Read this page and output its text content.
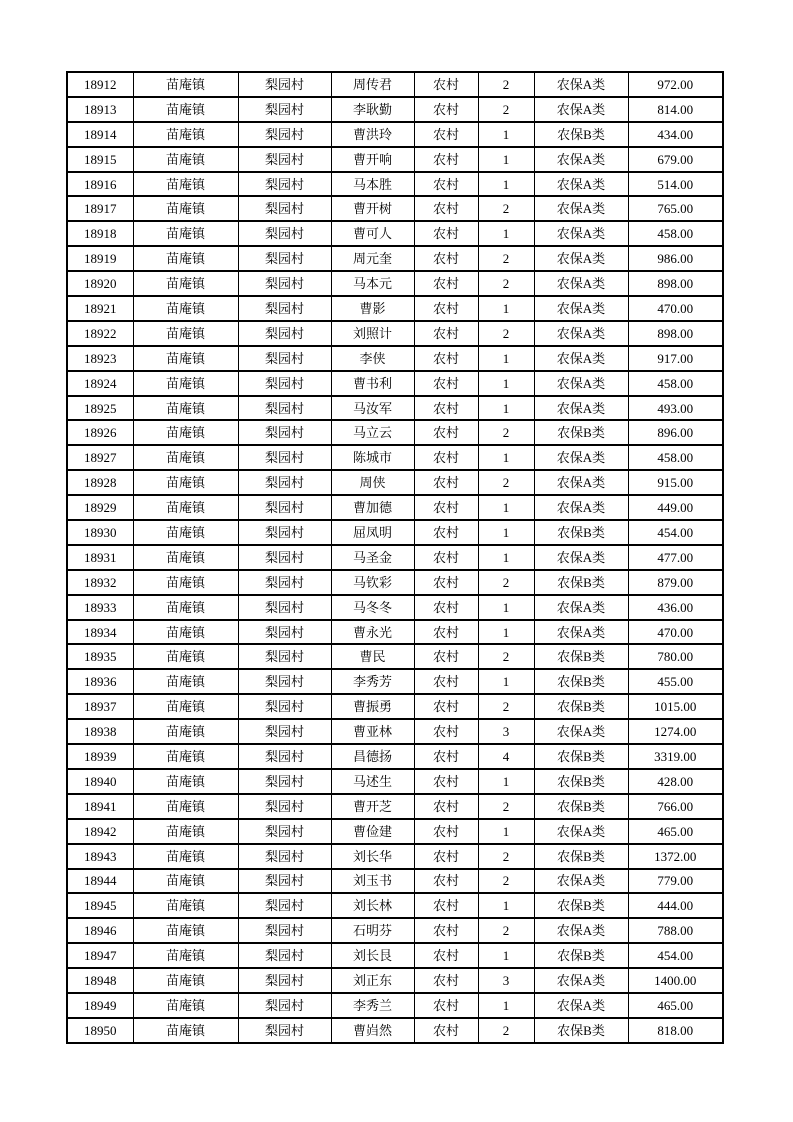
18912	苗庵镇	梨园村	周传君	农村	2	农保A类	972.00
18913	苗庵镇	梨园村	李耿勤	农村	2	农保A类	814.00
18914	苗庵镇	梨园村	曹洪玲	农村	1	农保B类	434.00
18915	苗庵镇	梨园村	曹开响	农村	1	农保A类	679.00
18916	苗庵镇	梨园村	马本胜	农村	1	农保A类	514.00
18917	苗庵镇	梨园村	曹开树	农村	2	农保A类	765.00
18918	苗庵镇	梨园村	曹可人	农村	1	农保A类	458.00
18919	苗庵镇	梨园村	周元奎	农村	2	农保A类	986.00
18920	苗庵镇	梨园村	马本元	农村	2	农保A类	898.00
18921	苗庵镇	梨园村	曹影	农村	1	农保A类	470.00
18922	苗庵镇	梨园村	刘照计	农村	2	农保A类	898.00
18923	苗庵镇	梨园村	李侠	农村	1	农保A类	917.00
18924	苗庵镇	梨园村	曹书利	农村	1	农保A类	458.00
18925	苗庵镇	梨园村	马汝军	农村	1	农保A类	493.00
18926	苗庵镇	梨园村	马立云	农村	2	农保B类	896.00
18927	苗庵镇	梨园村	陈城市	农村	1	农保A类	458.00
18928	苗庵镇	梨园村	周侠	农村	2	农保A类	915.00
18929	苗庵镇	梨园村	曹加德	农村	1	农保A类	449.00
18930	苗庵镇	梨园村	屈凤明	农村	1	农保B类	454.00
18931	苗庵镇	梨园村	马圣金	农村	1	农保A类	477.00
18932	苗庵镇	梨园村	马钦彩	农村	2	农保B类	879.00
18933	苗庵镇	梨园村	马冬冬	农村	1	农保A类	436.00
18934	苗庵镇	梨园村	曹永光	农村	1	农保A类	470.00
18935	苗庵镇	梨园村	曹民	农村	2	农保B类	780.00
18936	苗庵镇	梨园村	李秀芳	农村	1	农保B类	455.00
18937	苗庵镇	梨园村	曹振勇	农村	2	农保B类	1015.00
18938	苗庵镇	梨园村	曹亚林	农村	3	农保A类	1274.00
18939	苗庵镇	梨园村	昌德扬	农村	4	农保B类	3319.00
18940	苗庵镇	梨园村	马述生	农村	1	农保B类	428.00
18941	苗庵镇	梨园村	曹开芝	农村	2	农保B类	766.00
18942	苗庵镇	梨园村	曹俭建	农村	1	农保A类	465.00
18943	苗庵镇	梨园村	刘长华	农村	2	农保B类	1372.00
18944	苗庵镇	梨园村	刘玉书	农村	2	农保A类	779.00
18945	苗庵镇	梨园村	刘长林	农村	1	农保B类	444.00
18946	苗庵镇	梨园村	石明芬	农村	2	农保A类	788.00
18947	苗庵镇	梨园村	刘长艮	农村	1	农保B类	454.00
18948	苗庵镇	梨园村	刘正东	农村	3	农保A类	1400.00
18949	苗庵镇	梨园村	李秀兰	农村	1	农保A类	465.00
18950	苗庵镇	梨园村	曹岿然	农村	2	农保B类	818.00
